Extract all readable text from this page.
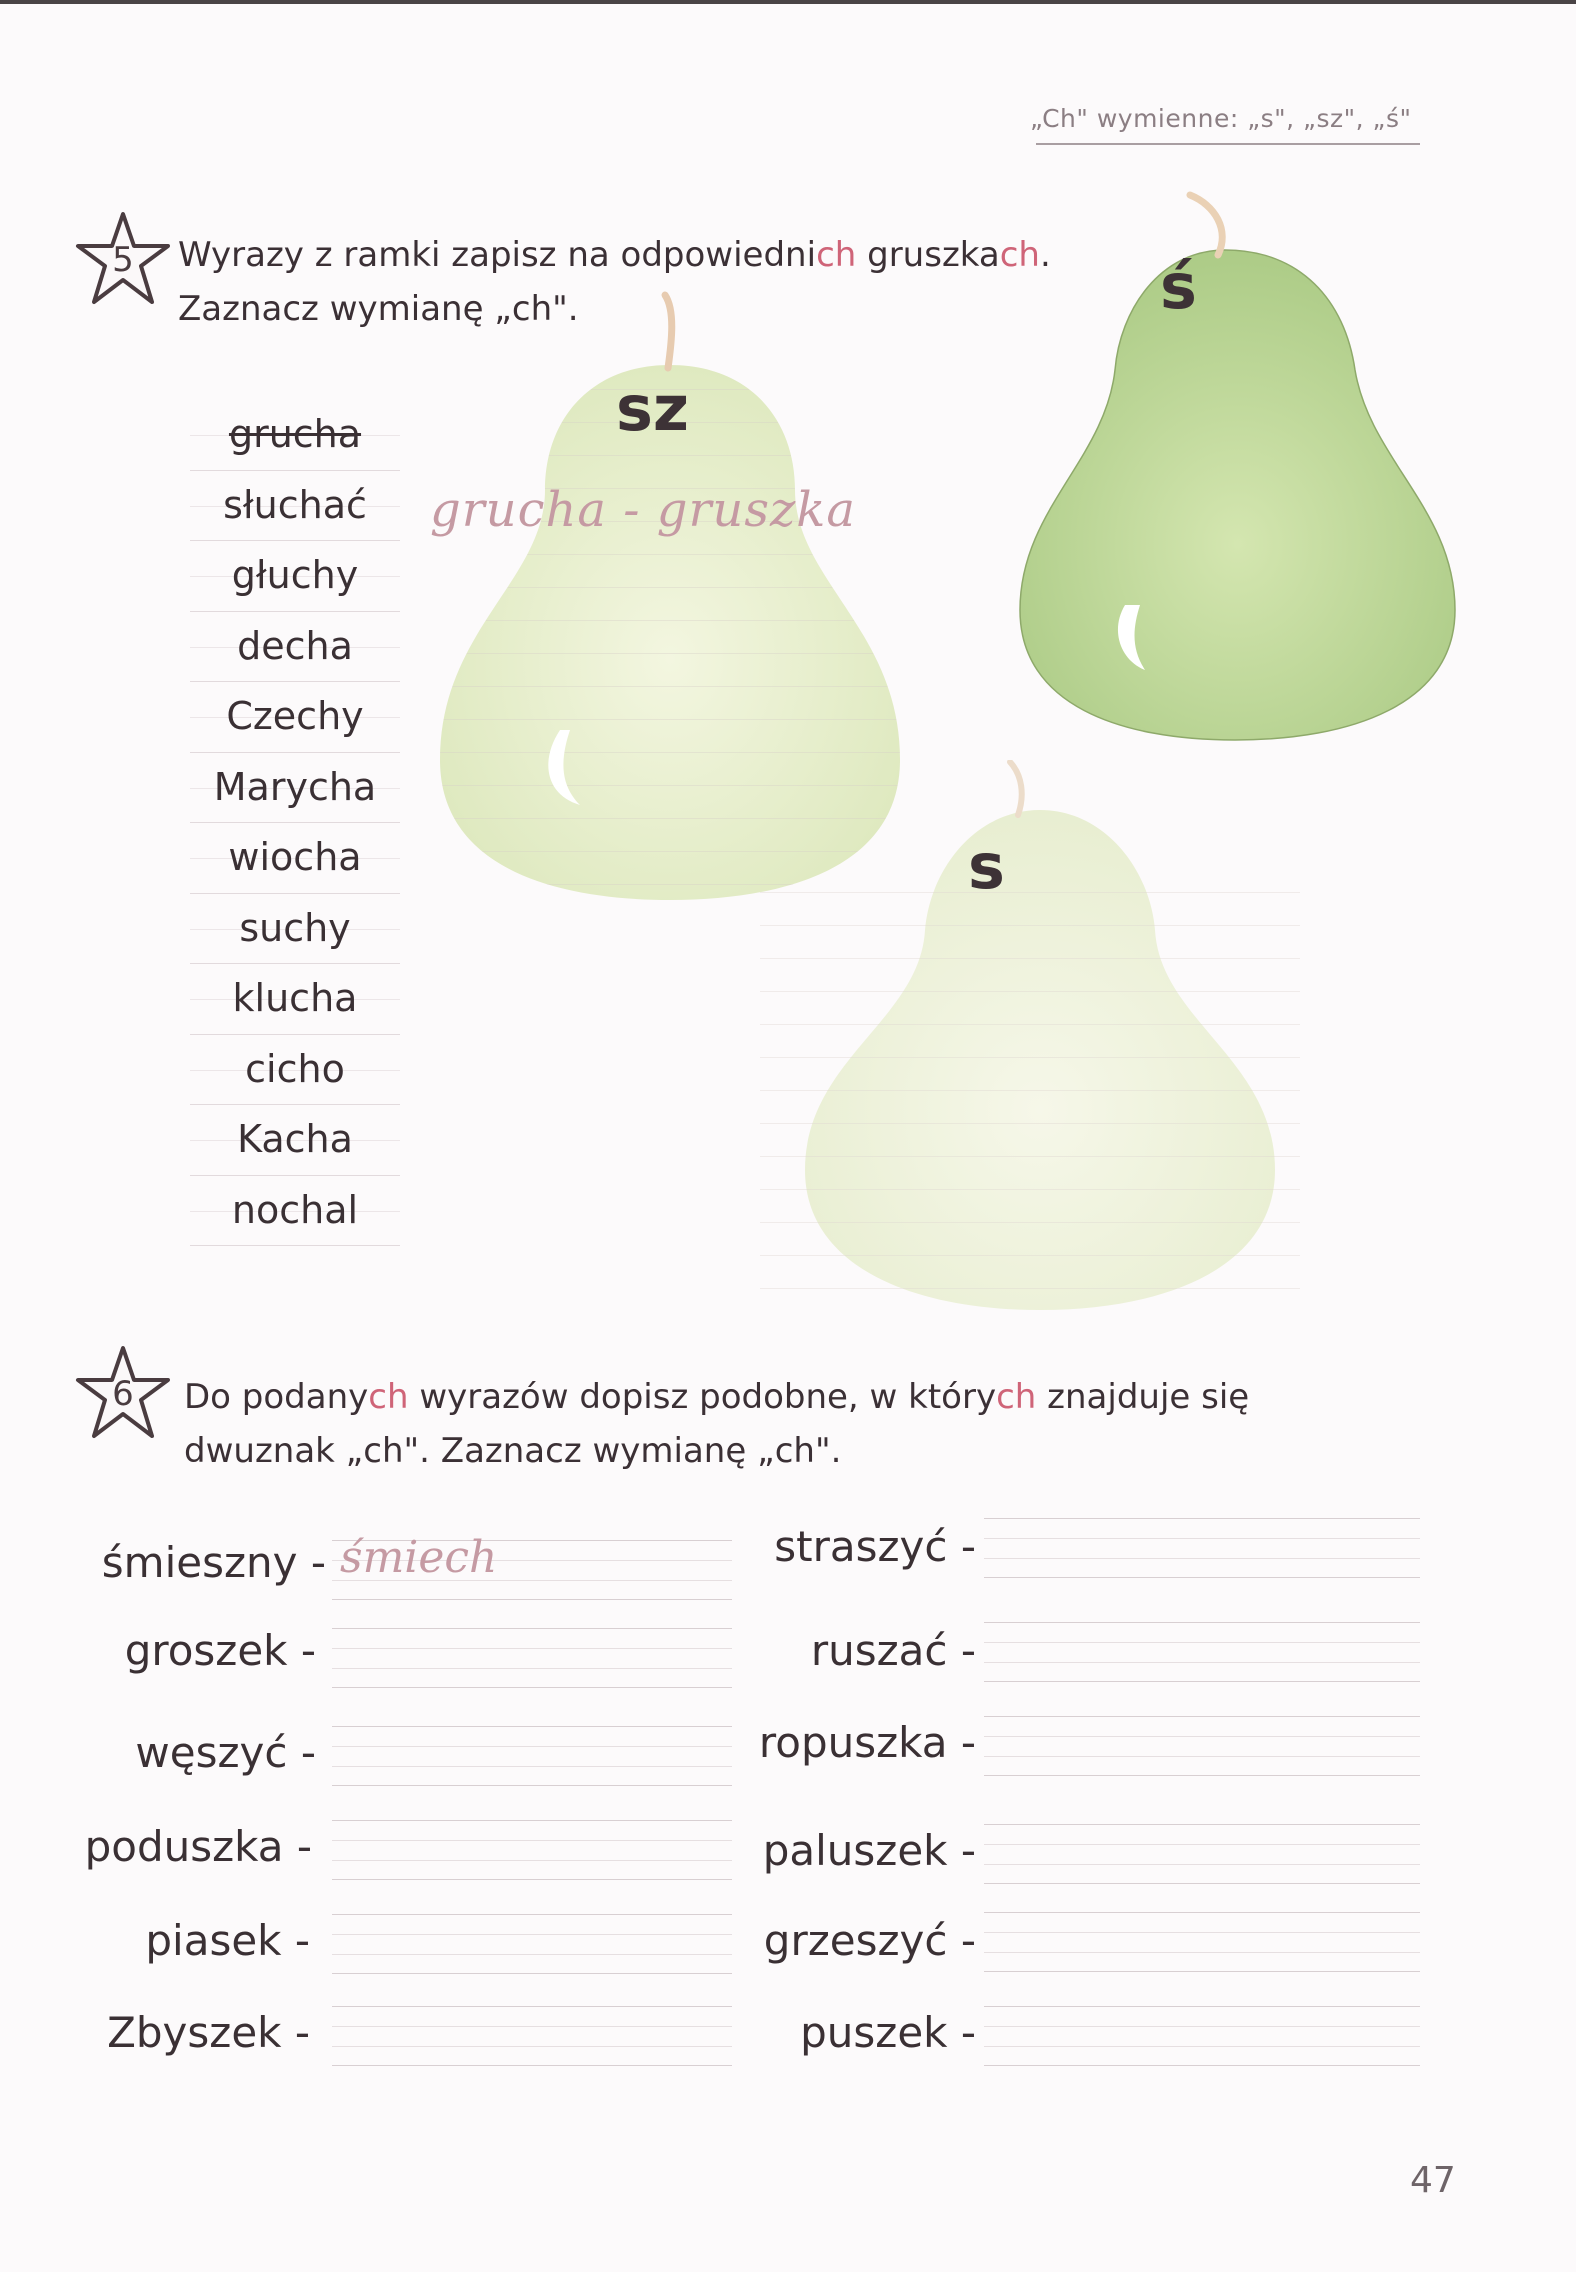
„Ch" wymienne: „s", „sz", „ś"
5	Wyrazy z ramki zapisz na odpowiednich gruszkach.
Zaznacz wymianę „ch".
grucha
słuchać
głuchy
decha
Czechy
Marycha
wiocha
suchy
klucha
cicho
Kacha
nochal
sz
grucha - gruszka
ś
s
6	Do podanych wyrazów dopisz podobne, w których znajduje się
dwuznak „ch". Zaznacz wymianę „ch".
śmieszny - śmiech
groszek -
węszyć -
poduszka -
piasek -
Zbyszek -
straszyć -
ruszać -
ropuszka -
paluszek -
grzeszyć -
puszek -
47
